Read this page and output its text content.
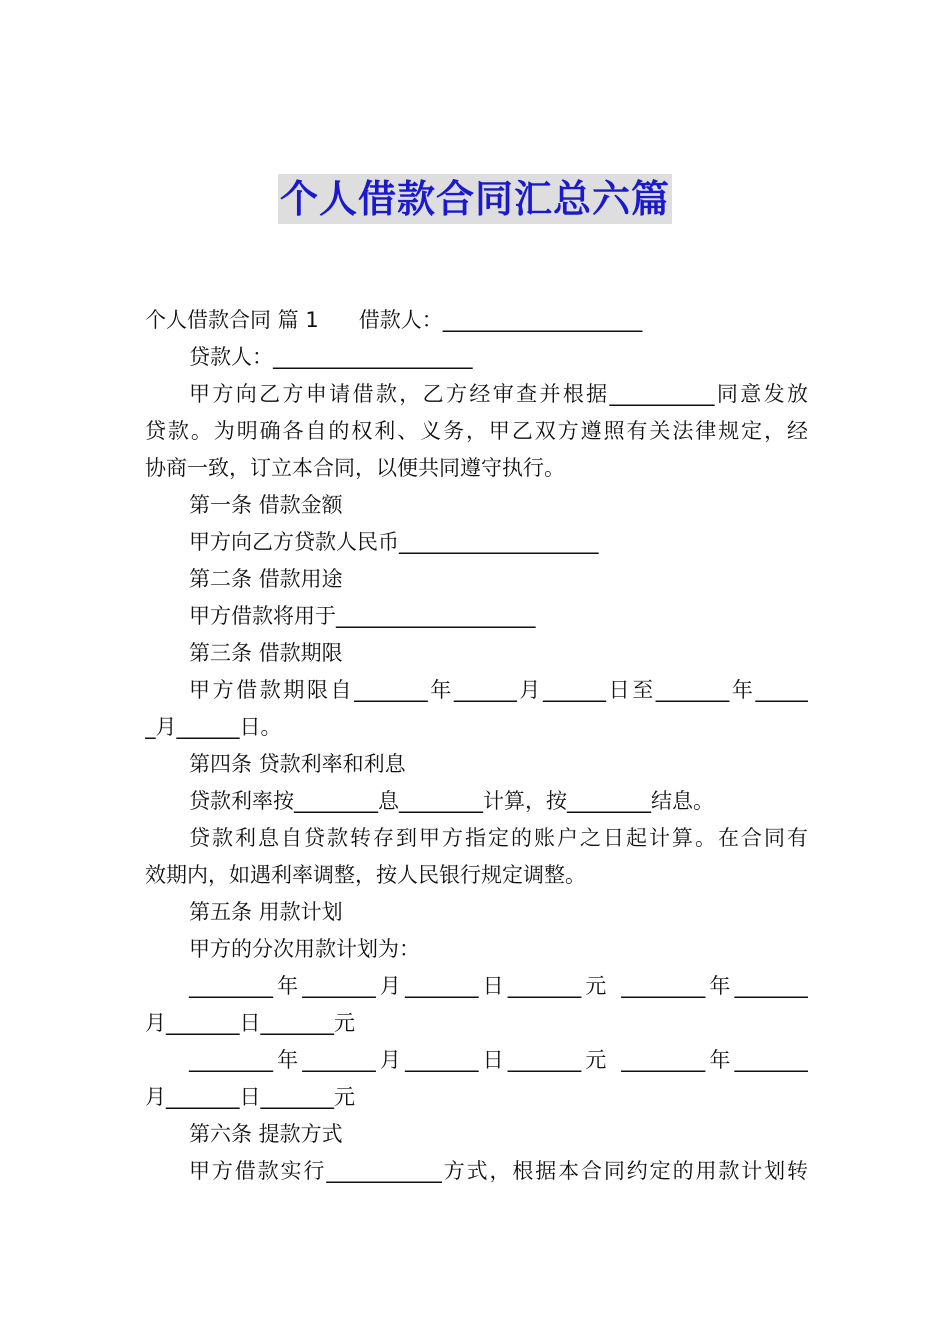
个人借款合同汇总六篇
个人借款合同 篇 1 借款人：___________________
贷款人：___________________
甲方向乙方申请借款，乙方经审查并根据__________同意发放
贷款。为明确各自的权利、义务，甲乙双方遵照有关法律规定，经
协商一致，订立本合同，以便共同遵守执行。
第一条 借款金额
甲方向乙方贷款人民币___________________
第二条 借款用途
甲方借款将用于___________________
第三条 借款期限
甲方借款期限自_______年______月______日至_______年_____
_月______日。
第四条 贷款利率和利息
贷款利率按________息________计算，按________结息。
贷款利息自贷款转存到甲方指定的账户之日起计算。在合同有
效期内，如遇利率调整，按人民银行规定调整。
第五条 用款计划
甲方的分次用款计划为：
________年_______月_______日_______元 ________年_______
月_______日_______元
________年_______月_______日_______元 ________年_______
月_______日_______元
第六条 提款方式
甲方借款实行___________方式，根据本合同约定的用款计划转
